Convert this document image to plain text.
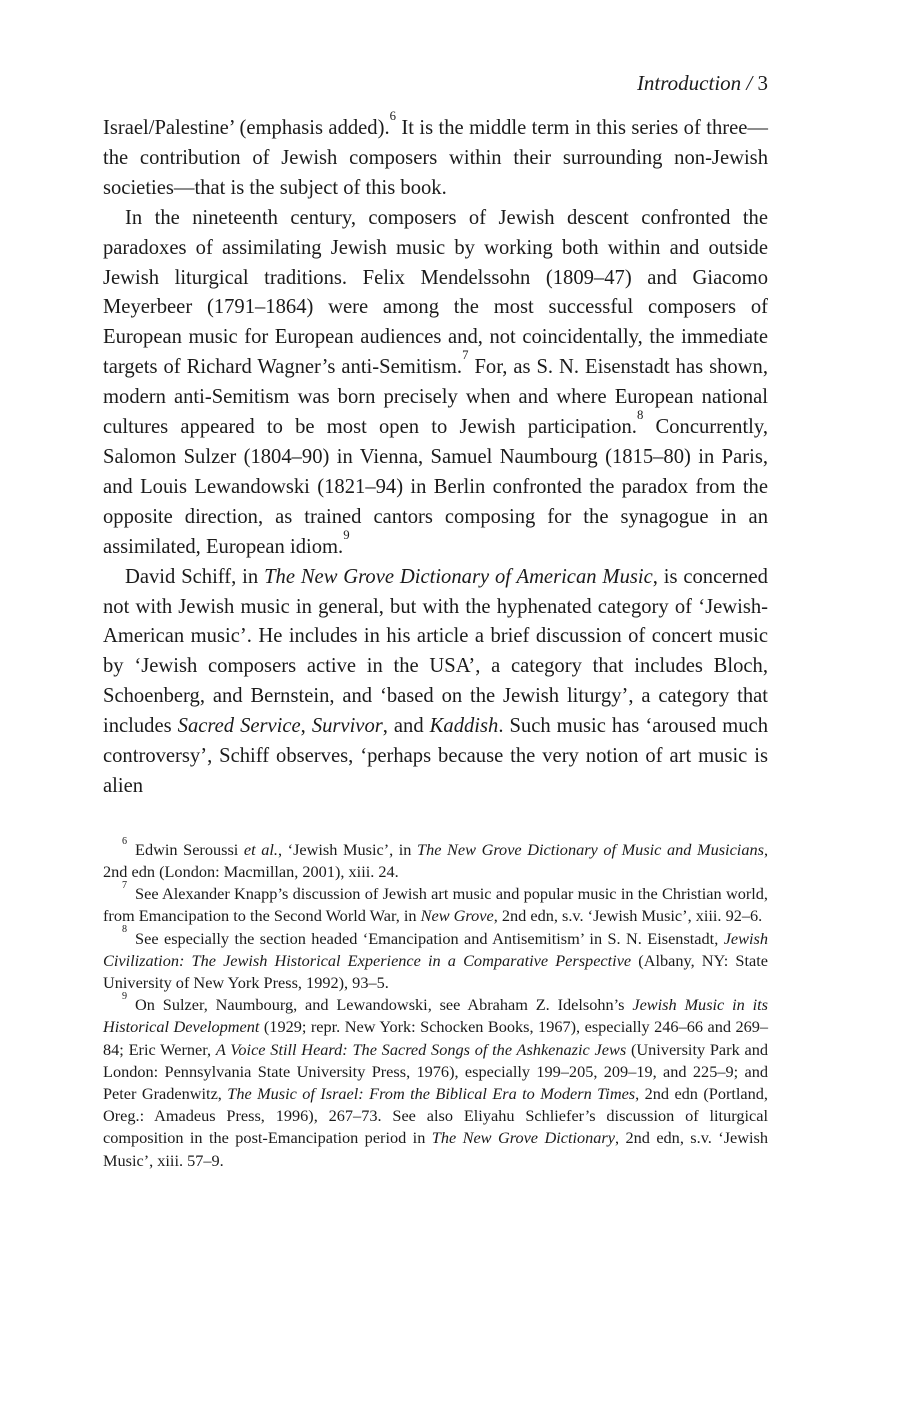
Introduction / 3

Israel/Palestine’ (emphasis added).$^6$ It is the middle term in this series of three—the contribution of Jewish composers within their surrounding non-Jewish societies—that is the subject of this book.

In the nineteenth century, composers of Jewish descent confronted the paradoxes of assimilating Jewish music by working both within and outside Jewish liturgical traditions. Felix Mendelssohn (1809–47) and Giacomo Meyerbeer (1791–1864) were among the most successful composers of European music for European audiences and, not coincidentally, the immediate targets of Richard Wagner’s anti-Semitism.$^7$ For, as S. N. Eisenstadt has shown, modern anti-Semitism was born precisely when and where European national cultures appeared to be most open to Jewish participation.$^8$ Concurrently, Salomon Sulzer (1804–90) in Vienna, Samuel Naumbourg (1815–80) in Paris, and Louis Lewandowski (1821–94) in Berlin confronted the paradox from the opposite direction, as trained cantors composing for the synagogue in an assimilated, European idiom.$^9$

David Schiff, in The New Grove Dictionary of American Music, is concerned not with Jewish music in general, but with the hyphenated category of ‘Jewish-American music’. He includes in his article a brief discussion of concert music by ‘Jewish composers active in the USA’, a category that includes Bloch, Schoenberg, and Bernstein, and ‘based on the Jewish liturgy’, a category that includes Sacred Service, Survivor, and Kaddish. Such music has ‘aroused much controversy’, Schiff observes, ‘perhaps because the very notion of art music is alien

$^6$ Edwin Seroussi et al., ‘Jewish Music’, in The New Grove Dictionary of Music and Musicians, 2nd edn (London: Macmillan, 2001), xiii. 24.

$^7$ See Alexander Knapp’s discussion of Jewish art music and popular music in the Christian world, from Emancipation to the Second World War, in New Grove, 2nd edn, s.v. ‘Jewish Music’, xiii. 92–6.

$^8$ See especially the section headed ‘Emancipation and Antisemitism’ in S. N. Eisenstadt, Jewish Civilization: The Jewish Historical Experience in a Comparative Perspective (Albany, NY: State University of New York Press, 1992), 93–5.

$^9$ On Sulzer, Naumbourg, and Lewandowski, see Abraham Z. Idelsohn’s Jewish Music in its Historical Development (1929; repr. New York: Schocken Books, 1967), especially 246–66 and 269–84; Eric Werner, A Voice Still Heard: The Sacred Songs of the Ashkenazic Jews (University Park and London: Pennsylvania State University Press, 1976), especially 199–205, 209–19, and 225–9; and Peter Gradenwitz, The Music of Israel: From the Biblical Era to Modern Times, 2nd edn (Portland, Oreg.: Amadeus Press, 1996), 267–73. See also Eliyahu Schliefer’s discussion of liturgical composition in the post-Emancipation period in The New Grove Dictionary, 2nd edn, s.v. ‘Jewish Music’, xiii. 57–9.
